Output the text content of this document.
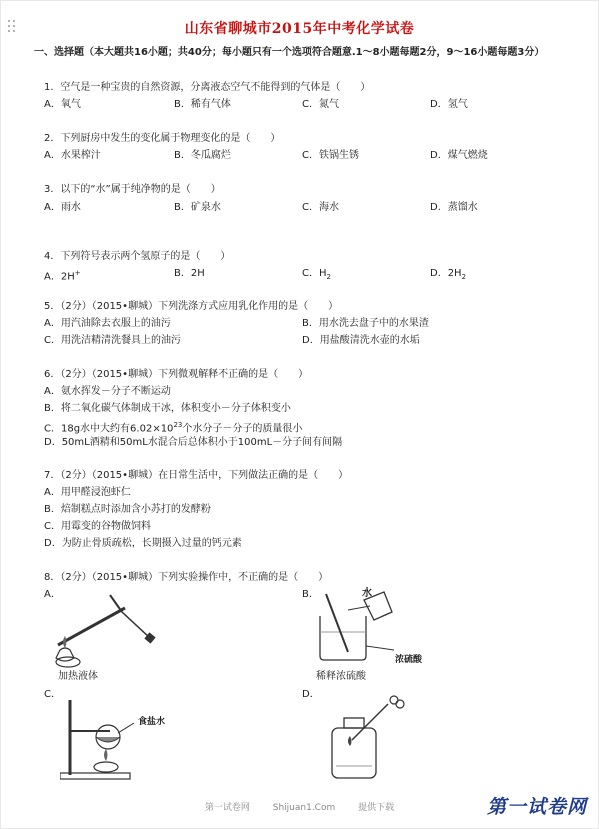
山东省聊城市2015年中考化学试卷
一、选择题（本大题共16小题；共40分；每小题只有一个选项符合题意.1～8小题每题2分，9～16小题每题3分）
1．空气是一种宝贵的自然资源，分离液态空气不能得到的气体是（　　）
A．氧气	B．稀有气体	C．氮气	D．氢气
2．下列厨房中发生的变化属于物理变化的是（　　）
A．水果榨汁	B．冬瓜腐烂	C．铁锅生锈	D．煤气燃烧
3．以下的“水”属于纯净物的是（　　）
A．雨水	B．矿泉水	C．海水	D．蒸馏水
4．下列符号表示两个氢原子的是（　　）
A．2H+	B．2H	C．$H_2$	D．$2H_2$
5．（2分）（2015•聊城）下列洗涤方式应用乳化作用的是（　　）
A．用汽油除去衣服上的油污	B．用水洗去盘子中的水果渣
C．用洗洁精清洗餐具上的油污	D．用盐酸清洗水壶的水垢
6．（2分）（2015•聊城）下列微观解释不正确的是（　　）
A．氨水挥发－分子不断运动
B．将二氧化碳气体制成干冰，体积变小－分子体积变小
C．18g水中大约有$6.02\times 10^{23}$个水分子－分子的质量很小
D．50mL酒精和50mL水混合后总体积小于100mL－分子间有间隔
7．（2分）（2015•聊城）在日常生活中，下列做法正确的是（　　）
A．用甲醛浸泡虾仁
B．焙制糕点时添加含小苏打的发酵粉
C．用霉变的谷物做饲料
D．为防止骨质疏松，长期摄入过量的钙元素
8．（2分）（2015•聊城）下列实验操作中，不正确的是（　　）
A．	B．
C．	D．
加热液体
水
浓硫酸
稀释浓硫酸
食盐水
第一试卷网	Shijuan1.Com	提供下载	第一试卷网
